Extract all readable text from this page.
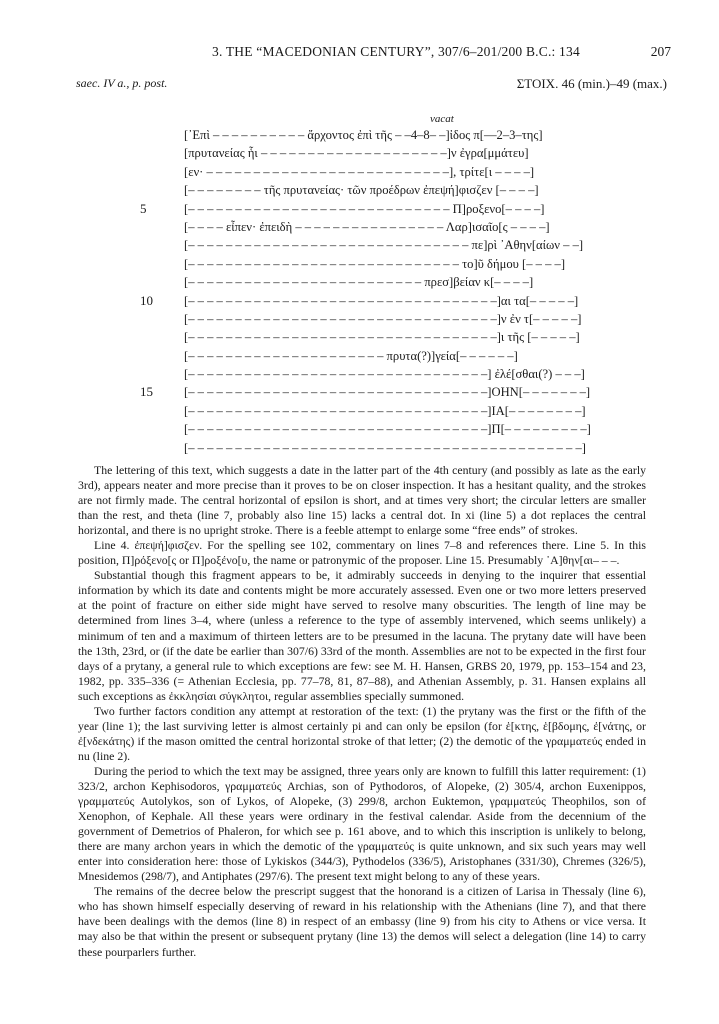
3. THE “MACEDONIAN CENTURY”, 307/6–201/200 B.C.: 134	207
saec. IV a., p. post.	ΣΤΟΙΧ. 46 (min.)–49 (max.)
vacat
[᾽Επὶ – – – – – – – – – – ἄρχοντος ἐπὶ τῆς – –4–8– –]ἰδος π[—2–3–της]
[πρυτανείας ἧι – – – – – – – – – – – – – – – – – – – –]ν ἐγρα[μμάτευ]
[εν· – – – – – – – – – – – – – – – – – – – – – – – – – –], τρίτε[ι – – – –]
[– – – – – – – – τῆς πρυτανείας· τῶν προέδρων ἐπεψή]φισζεν [– – – –]
5	[– – – – – – – – – – – – – – – – – – – – – – – – – – – – Π]ροξενο[– – – –]
[– – – – εἶπεν· ἐπειδὴ – – – – – – – – – – – – – – – – Λαρ]ισαῖο[ς – – – –]
[– – – – – – – – – – – – – – – – – – – – – – – – – – – – – – πε]ρὶ ᾽Αθην[αίων – –]
[– – – – – – – – – – – – – – – – – – – – – – – – – – – – – το]ῦ δήμου [– – – –]
[– – – – – – – – – – – – – – – – – – – – – – – – – πρεσ]βείαν κ[– – – –]
10	[– – – – – – – – – – – – – – – – – – – – – – – – – – – – – – – – –]αι τα[– – – – –]
[– – – – – – – – – – – – – – – – – – – – – – – – – – – – – – – – –]ν ἐν τ[– – – – –]
[– – – – – – – – – – – – – – – – – – – – – – – – – – – – – – – – –]ι τῆς [– – – – –]
[– – – – – – – – – – – – – – – – – – – – – πρυτα(?)]γεία[– – – – – –]
[– – – – – – – – – – – – – – – – – – – – – – – – – – – – – – – –] ἐλέ[σθαι(?) – – –]
15	[– – – – – – – – – – – – – – – – – – – – – – – – – – – – – – – –]ΟΗΝ[– – – – – – –]
[– – – – – – – – – – – – – – – – – – – – – – – – – – – – – – – –]ΙΑ[– – – – – – – –]
[– – – – – – – – – – – – – – – – – – – – – – – – – – – – – – – –]Π[– – – – – – – – –]
[– – – – – – – – – – – – – – – – – – – – – – – – – – – – – – – – – – – – – – – – – –]

The lettering of this text, which suggests a date in the latter part of the 4th century (and possibly as late as the early 3rd), appears neater and more precise than it proves to be on closer inspection. It has a hesitant quality, and the strokes are not firmly made. The central horizontal of epsilon is short, and at times very short; the circular letters are smaller than the rest, and theta (line 7, probably also line 15) lacks a central dot. In xi (line 5) a dot replaces the central horizontal, and there is no upright stroke. There is a feeble attempt to enlarge some “free ends” of strokes.

Line 4. ἐπεψή]φισζεν. For the spelling see 102, commentary on lines 7–8 and references there. Line 5. In this position, Π]ρόξενο[ς or Π]ροξένο[υ, the name or patronymic of the proposer. Line 15. Presumably ᾽Α]θην[αι– – –.

Substantial though this fragment appears to be, it admirably succeeds in denying to the inquirer that essential information by which its date and contents might be more accurately assessed. Even one or two more letters preserved at the point of fracture on either side might have served to resolve many obscurities. The length of line may be determined from lines 3–4, where (unless a reference to the type of assembly intervened, which seems unlikely) a minimum of ten and a maximum of thirteen letters are to be presumed in the lacuna. The prytany date will have been the 13th, 23rd, or (if the date be earlier than 307/6) 33rd of the month. Assemblies are not to be expected in the first four days of a prytany, a general rule to which exceptions are few: see M. H. Hansen, GRBS 20, 1979, pp. 153–154 and 23, 1982, pp. 335–336 (= Athenian Ecclesia, pp. 77–78, 81, 87–88), and Athenian Assembly, p. 31. Hansen explains all such exceptions as ἐκκλησίαι σύγκλητοι, regular assemblies specially summoned.

Two further factors condition any attempt at restoration of the text: (1) the prytany was the first or the fifth of the year (line 1); the last surviving letter is almost certainly pi and can only be epsilon (for ἑ[κτης, ἑ[βδομης, ἐ[νάτης, or ἐ[νδεκάτης) if the mason omitted the central horizontal stroke of that letter; (2) the demotic of the γραμματεύς ended in nu (line 2).

During the period to which the text may be assigned, three years only are known to fulfill this latter requirement: (1) 323/2, archon Kephisodoros, γραμματεύς Archias, son of Pythodoros, of Alopeke, (2) 305/4, archon Euxenippos, γραμματεύς Autolykos, son of Lykos, of Alopeke, (3) 299/8, archon Euktemon, γραμματεύς Theophilos, son of Xenophon, of Kephale. All these years were ordinary in the festival calendar. Aside from the decennium of the government of Demetrios of Phaleron, for which see p. 161 above, and to which this inscription is unlikely to belong, there are many archon years in which the demotic of the γραμματεύς is quite unknown, and six such years may well enter into consideration here: those of Lykiskos (344/3), Pythodelos (336/5), Aristophanes (331/30), Chremes (326/5), Mnesidemos (298/7), and Antiphates (297/6). The present text might belong to any of these years.

The remains of the decree below the prescript suggest that the honorand is a citizen of Larisa in Thessaly (line 6), who has shown himself especially deserving of reward in his relationship with the Athenians (line 7), and that there have been dealings with the demos (line 8) in respect of an embassy (line 9) from his city to Athens or vice versa. It may also be that within the present or subsequent prytany (line 13) the demos will select a delegation (line 14) to carry these pourparlers further.
